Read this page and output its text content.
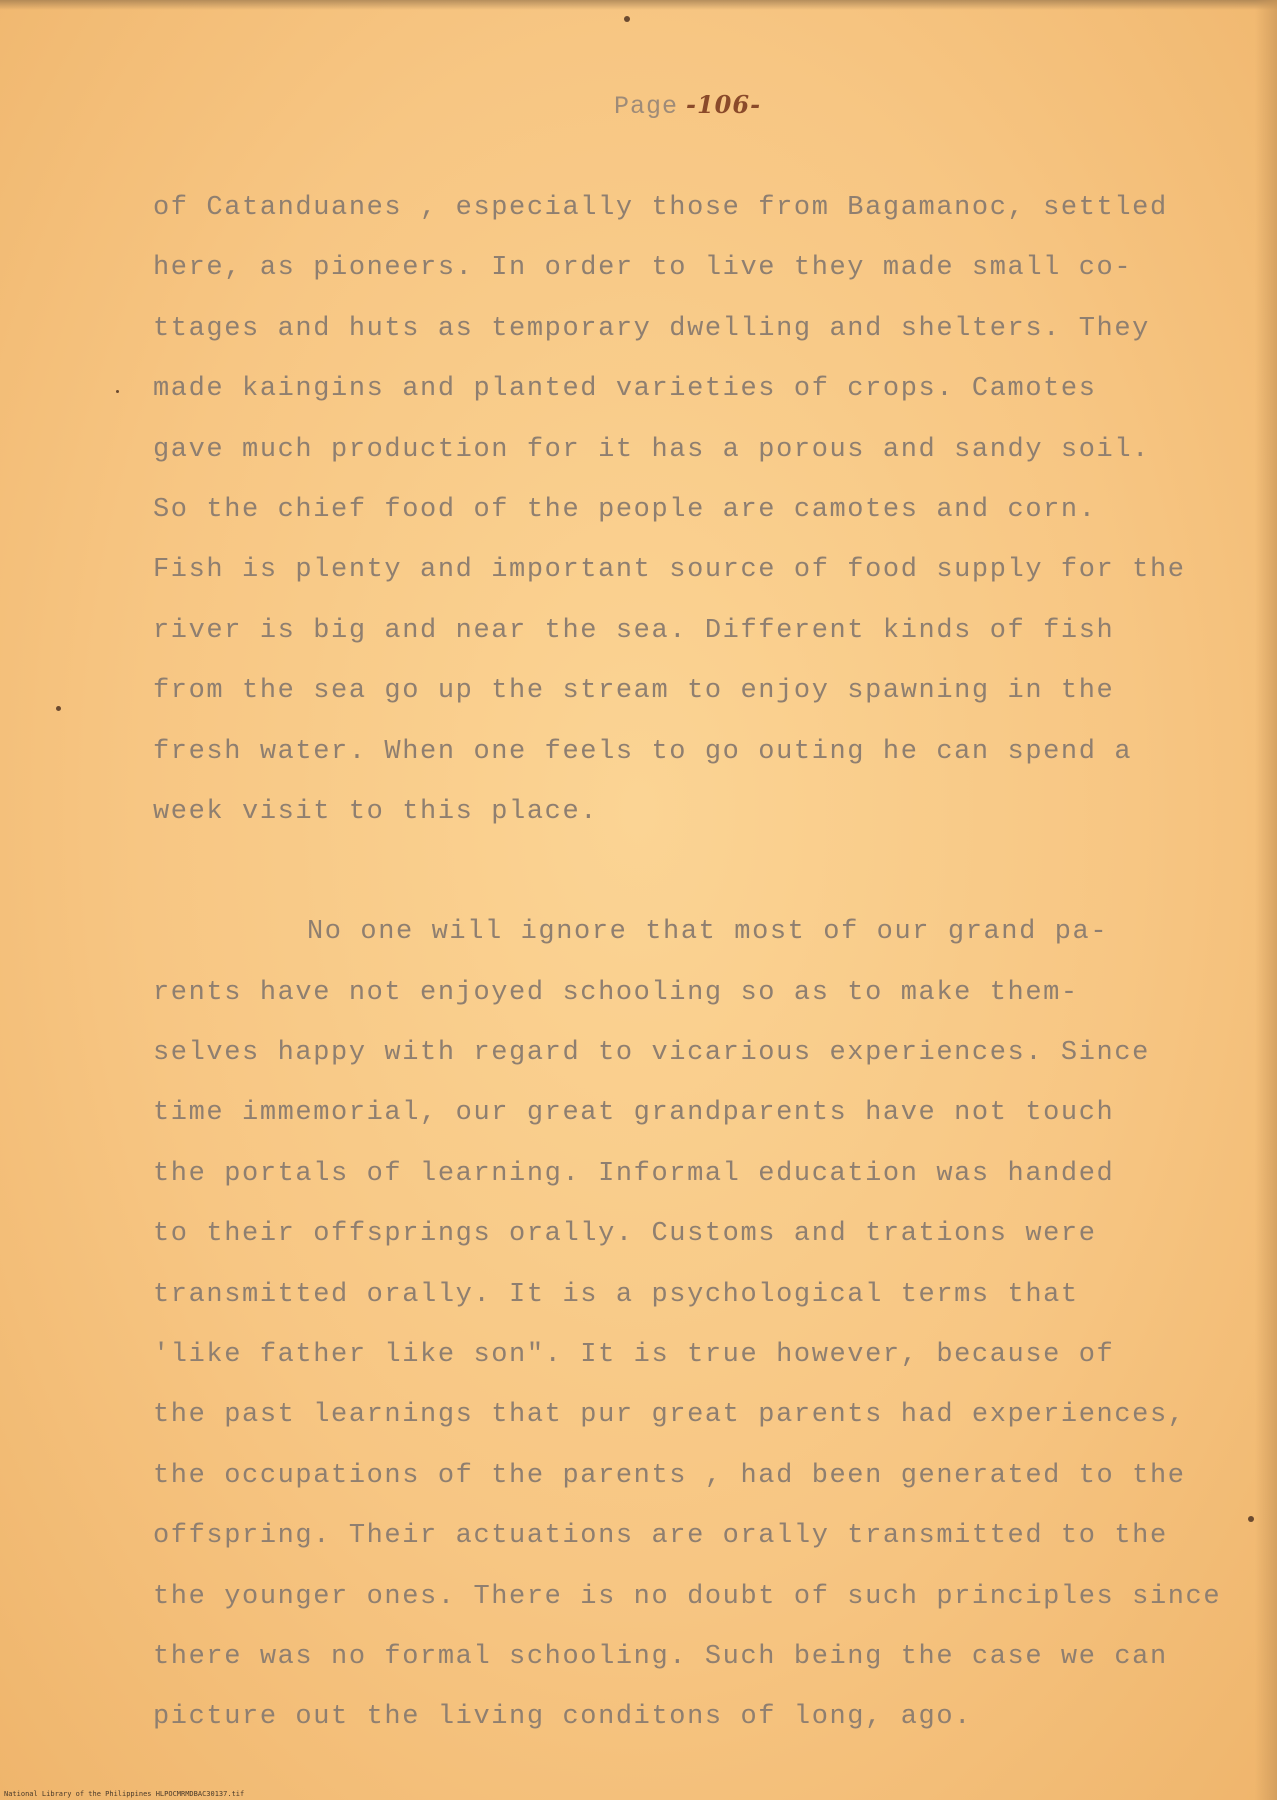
Page -106-
of Catanduanes , especially those from Bagamanoc, settled
here, as pioneers. In order to live they made small co-
ttages and huts as temporary dwelling and shelters. They
made kaingins and planted varieties of crops. Camotes
gave much production for it has a porous and sandy soil.
So the chief food of the people are camotes and corn.
Fish is plenty and important source of food supply for the
river is big and near the sea. Different kinds of fish
from the sea go up the stream to enjoy spawning in the
fresh water. When one feels to go outing he can spend a
week visit to this place.
No one will ignore that most of our grand pa-
rents have not enjoyed schooling so as to make them-
selves happy with regard to vicarious experiences. Since
time immemorial, our great grandparents have not touch
the portals of learning. Informal education was handed
to their offsprings orally. Customs and trations were
transmitted orally. It is a psychological terms that
'like father like son". It is true however, because of
the past learnings that pur great parents had experiences,
the occupations of the parents , had been generated to the
offspring. Their actuations are orally transmitted to the
the younger ones. There is no doubt of such principles since
there was no formal schooling. Such being the case we can
picture out the living conditons of long, ago.
National Library of the Philippines HLPOCMRMDBAC30137.tif
